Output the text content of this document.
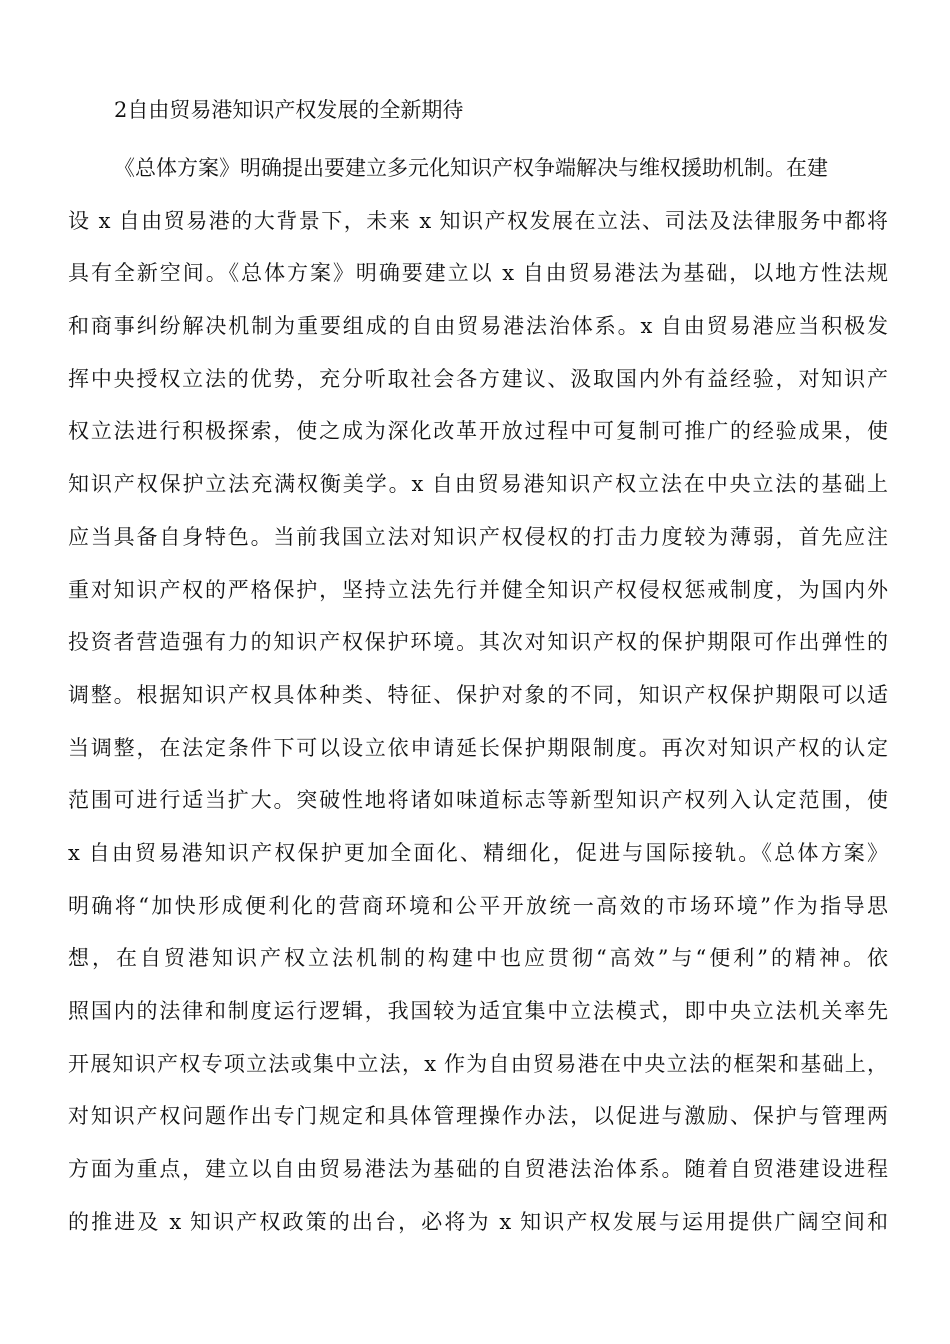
2自由贸易港知识产权发展的全新期待
《总体方案》明确提出要建立多元化知识产权争端解决与维权援助机制。在建
设 x 自由贸易港的大背景下，未来 x 知识产权发展在立法、司法及法律服务中都将
具有全新空间。《总体方案》明确要建立以 x 自由贸易港法为基础，以地方性法规
和商事纠纷解决机制为重要组成的自由贸易港法治体系。x 自由贸易港应当积极发
挥中央授权立法的优势，充分听取社会各方建议、汲取国内外有益经验，对知识产
权立法进行积极探索，使之成为深化改革开放过程中可复制可推广的经验成果，使
知识产权保护立法充满权衡美学。x 自由贸易港知识产权立法在中央立法的基础上
应当具备自身特色。当前我国立法对知识产权侵权的打击力度较为薄弱，首先应注
重对知识产权的严格保护，坚持立法先行并健全知识产权侵权惩戒制度，为国内外
投资者营造强有力的知识产权保护环境。其次对知识产权的保护期限可作出弹性的
调整。根据知识产权具体种类、特征、保护对象的不同，知识产权保护期限可以适
当调整，在法定条件下可以设立依申请延长保护期限制度。再次对知识产权的认定
范围可进行适当扩大。突破性地将诸如味道标志等新型知识产权列入认定范围，使
x 自由贸易港知识产权保护更加全面化、精细化，促进与国际接轨。《总体方案》
明确将“加快形成便利化的营商环境和公平开放统一高效的市场环境”作为指导思
想，在自贸港知识产权立法机制的构建中也应贯彻“高效”与“便利”的精神。依
照国内的法律和制度运行逻辑，我国较为适宜集中立法模式，即中央立法机关率先
开展知识产权专项立法或集中立法，x 作为自由贸易港在中央立法的框架和基础上，
对知识产权问题作出专门规定和具体管理操作办法，以促进与激励、保护与管理两
方面为重点，建立以自由贸易港法为基础的自贸港法治体系。随着自贸港建设进程
的推进及 x 知识产权政策的出台，必将为 x 知识产权发展与运用提供广阔空间和
